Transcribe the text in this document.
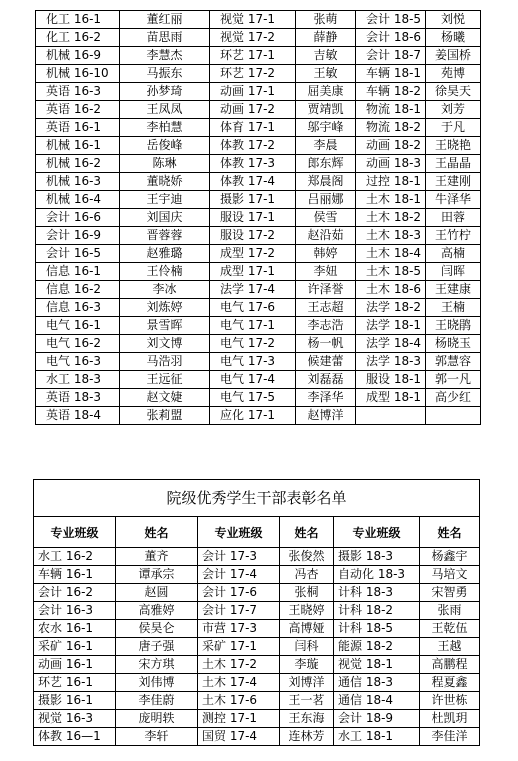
化工 16-1	董红丽	视觉 17-1	张萌	会计 18-5	刘悦
化工 16-2	苗思雨	视觉 17-2	薛静	会计 18-6	杨曦
机械 16-9	李慧杰	环艺 17-1	吉敏	会计 18-7	姜国桥
机械 16-10	马振东	环艺 17-2	王敏	车辆 18-1	苑博
英语 16-3	孙梦琦	动画 17-1	屈美康	车辆 18-2	徐昊天
英语 16-2	王凤凤	动画 17-2	贾靖凯	物流 18-1	刘芳
英语 16-1	李柏慧	体育 17-1	邬宇峰	物流 18-2	于凡
机械 16-1	岳俊峰	体教 17-2	李晨	动画 18-2	王晓艳
机械 16-2	陈琳	体教 17-3	郎东辉	动画 18-3	王晶晶
机械 16-3	董晓娇	体教 17-4	郑晨阁	过控 18-1	王建刚
机械 16-4	王宇迪	摄影 17-1	吕丽娜	土木 18-1	牛泽华
会计 16-6	刘国庆	服设 17-1	侯雪	土木 18-2	田蓉
会计 16-9	晋蓉蓉	服设 17-2	赵沿茹	土木 18-3	王竹柠
会计 16-5	赵雅璐	成型 17-2	韩婷	土木 18-4	高楠
信息 16-1	王伶楠	成型 17-1	李妞	土木 18-5	闫晖
信息 16-2	李冰	法学 17-4	许泽誉	土木 18-6	王建康
信息 16-3	刘炼婷	电气 17-6	王志超	法学 18-2	王楠
电气 16-1	景雪晖	电气 17-1	李志浩	法学 18-1	王晓鹃
电气 16-2	刘文博	电气 17-2	杨一帆	法学 18-4	杨晓玉
电气 16-3	马浩羽	电气 17-3	候建蕾	法学 18-3	郭慧容
水工 18-3	王远征	电气 17-4	刘磊磊	服设 18-1	郭一凡
英语 18-3	赵文婕	电气 17-5	李泽华	成型 18-1	高少红
英语 18-4	张莉盟	应化 17-1	赵博洋		
院级优秀学生干部表彰名单					
专业班级	姓名	专业班级	姓名	专业班级	姓名
水工 16-2	董齐	会计 17-3	张俊然	摄影 18-3	杨鑫宇
车辆 16-1	谭承宗	会计 17-4	冯杏	自动化 18-3	马培文
会计 16-2	赵圆	会计 17-6	张桐	计科 18-3	宋智勇
会计 16-3	高雅婷	会计 17-7	王晓婷	计科 18-2	张雨
农水 16-1	侯昊仑	市营 17-3	高博娅	计科 18-5	王乾伍
采矿 16-1	唐子强	采矿 17-1	闫科	能源 18-2	王越
动画 16-1	宋方琪	土木 17-2	李璇	视觉 18-1	高鹏程
环艺 16-1	刘伟博	土木 17-4	刘博洋	通信 18-3	程夏鑫
摄影 16-1	李佳蔚	土木 17-6	王一茗	通信 18-4	许世栋
视觉 16-3	庞明轶	测控 17-1	王东海	会计 18-9	杜凯玥
体教 16—1	李轩	国贸 17-4	连林芳	水工 18-1	李佳洋
